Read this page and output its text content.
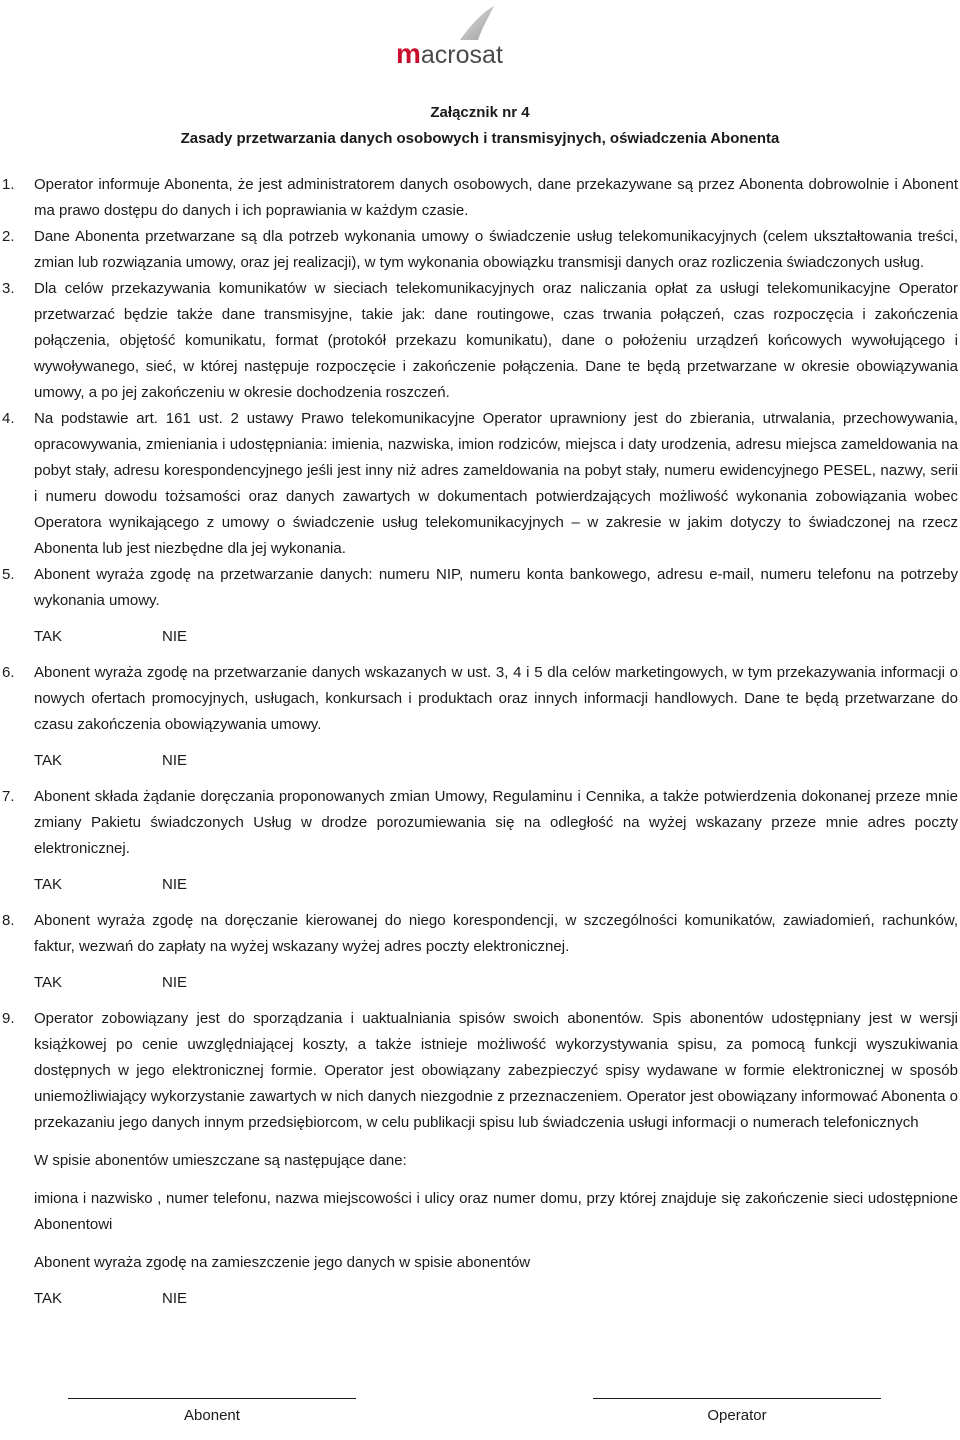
macrosat
Załącznik nr 4
Zasady przetwarzania danych osobowych i transmisyjnych, oświadczenia Abonenta
1. Operator informuje Abonenta, że jest administratorem danych osobowych, dane przekazywane są przez Abonenta dobrowolnie i Abonent ma prawo dostępu do danych i ich poprawiania w każdym czasie.
2. Dane Abonenta przetwarzane są dla potrzeb wykonania umowy o świadczenie usług telekomunikacyjnych (celem ukształtowania treści, zmian lub rozwiązania umowy, oraz jej realizacji), w tym wykonania obowiązku transmisji danych oraz rozliczenia świadczonych usług.
3. Dla celów przekazywania komunikatów w sieciach telekomunikacyjnych oraz naliczania opłat za usługi telekomunikacyjne Operator przetwarzać będzie także dane transmisyjne, takie jak: dane routingowe, czas trwania połączeń, czas rozpoczęcia i zakończenia połączenia, objętość komunikatu, format (protokół przekazu komunikatu), dane o położeniu urządzeń końcowych wywołującego i wywoływanego, sieć, w której następuje rozpoczęcie i zakończenie połączenia. Dane te będą przetwarzane w okresie obowiązywania umowy, a po jej zakończeniu w okresie dochodzenia roszczeń.
4. Na podstawie art. 161 ust. 2 ustawy Prawo telekomunikacyjne Operator uprawniony jest do zbierania, utrwalania, przechowywania, opracowywania, zmieniania i udostępniania: imienia, nazwiska, imion rodziców, miejsca i daty urodzenia, adresu miejsca zameldowania na pobyt stały, adresu korespondencyjnego jeśli jest inny niż adres zameldowania na pobyt stały, numeru ewidencyjnego PESEL, nazwy, serii i numeru dowodu tożsamości oraz danych zawartych w dokumentach potwierdzających możliwość wykonania zobowiązania wobec Operatora wynikającego z umowy o świadczenie usług telekomunikacyjnych – w zakresie w jakim dotyczy to świadczonej na rzecz Abonenta lub jest niezbędne dla jej wykonania.
5. Abonent wyraża zgodę na przetwarzanie danych: numeru NIP, numeru konta bankowego, adresu e-mail, numeru telefonu na potrzeby wykonania umowy.
TAK	NIE
6. Abonent wyraża zgodę na przetwarzanie danych wskazanych w ust. 3, 4 i 5 dla celów marketingowych, w tym przekazywania informacji o nowych ofertach promocyjnych, usługach, konkursach i produktach oraz innych informacji handlowych. Dane te będą przetwarzane do czasu zakończenia obowiązywania umowy.
TAK	NIE
7. Abonent składa żądanie doręczania proponowanych zmian Umowy, Regulaminu i Cennika, a także potwierdzenia dokonanej przeze mnie zmiany Pakietu świadczonych Usług w drodze porozumiewania się na odległość na wyżej wskazany przeze mnie adres poczty elektronicznej.
TAK	NIE
8. Abonent wyraża zgodę na doręczanie kierowanej do niego korespondencji, w szczególności komunikatów, zawiadomień, rachunków, faktur, wezwań do zapłaty na wyżej wskazany wyżej adres poczty elektronicznej.
TAK	NIE
9. Operator zobowiązany jest do sporządzania i uaktualniania spisów swoich abonentów. Spis abonentów udostępniany jest w wersji książkowej po cenie uwzględniającej koszty, a także istnieje możliwość wykorzystywania spisu, za pomocą funkcji wyszukiwania dostępnych w jego elektronicznej formie. Operator jest obowiązany zabezpieczyć spisy wydawane w formie elektronicznej w sposób uniemożliwiający wykorzystanie zawartych w nich danych niezgodnie z przeznaczeniem. Operator jest obowiązany informować Abonenta o przekazaniu jego danych innym przedsiębiorcom, w celu publikacji spisu lub świadczenia usługi informacji o numerach telefonicznych
W spisie abonentów umieszczane są następujące dane:
imiona i nazwisko , numer telefonu, nazwa miejscowości i ulicy oraz numer domu, przy której znajduje się zakończenie sieci udostępnione Abonentowi
Abonent wyraża zgodę na zamieszczenie jego danych w spisie abonentów
TAK	NIE
Abonent	Operator
